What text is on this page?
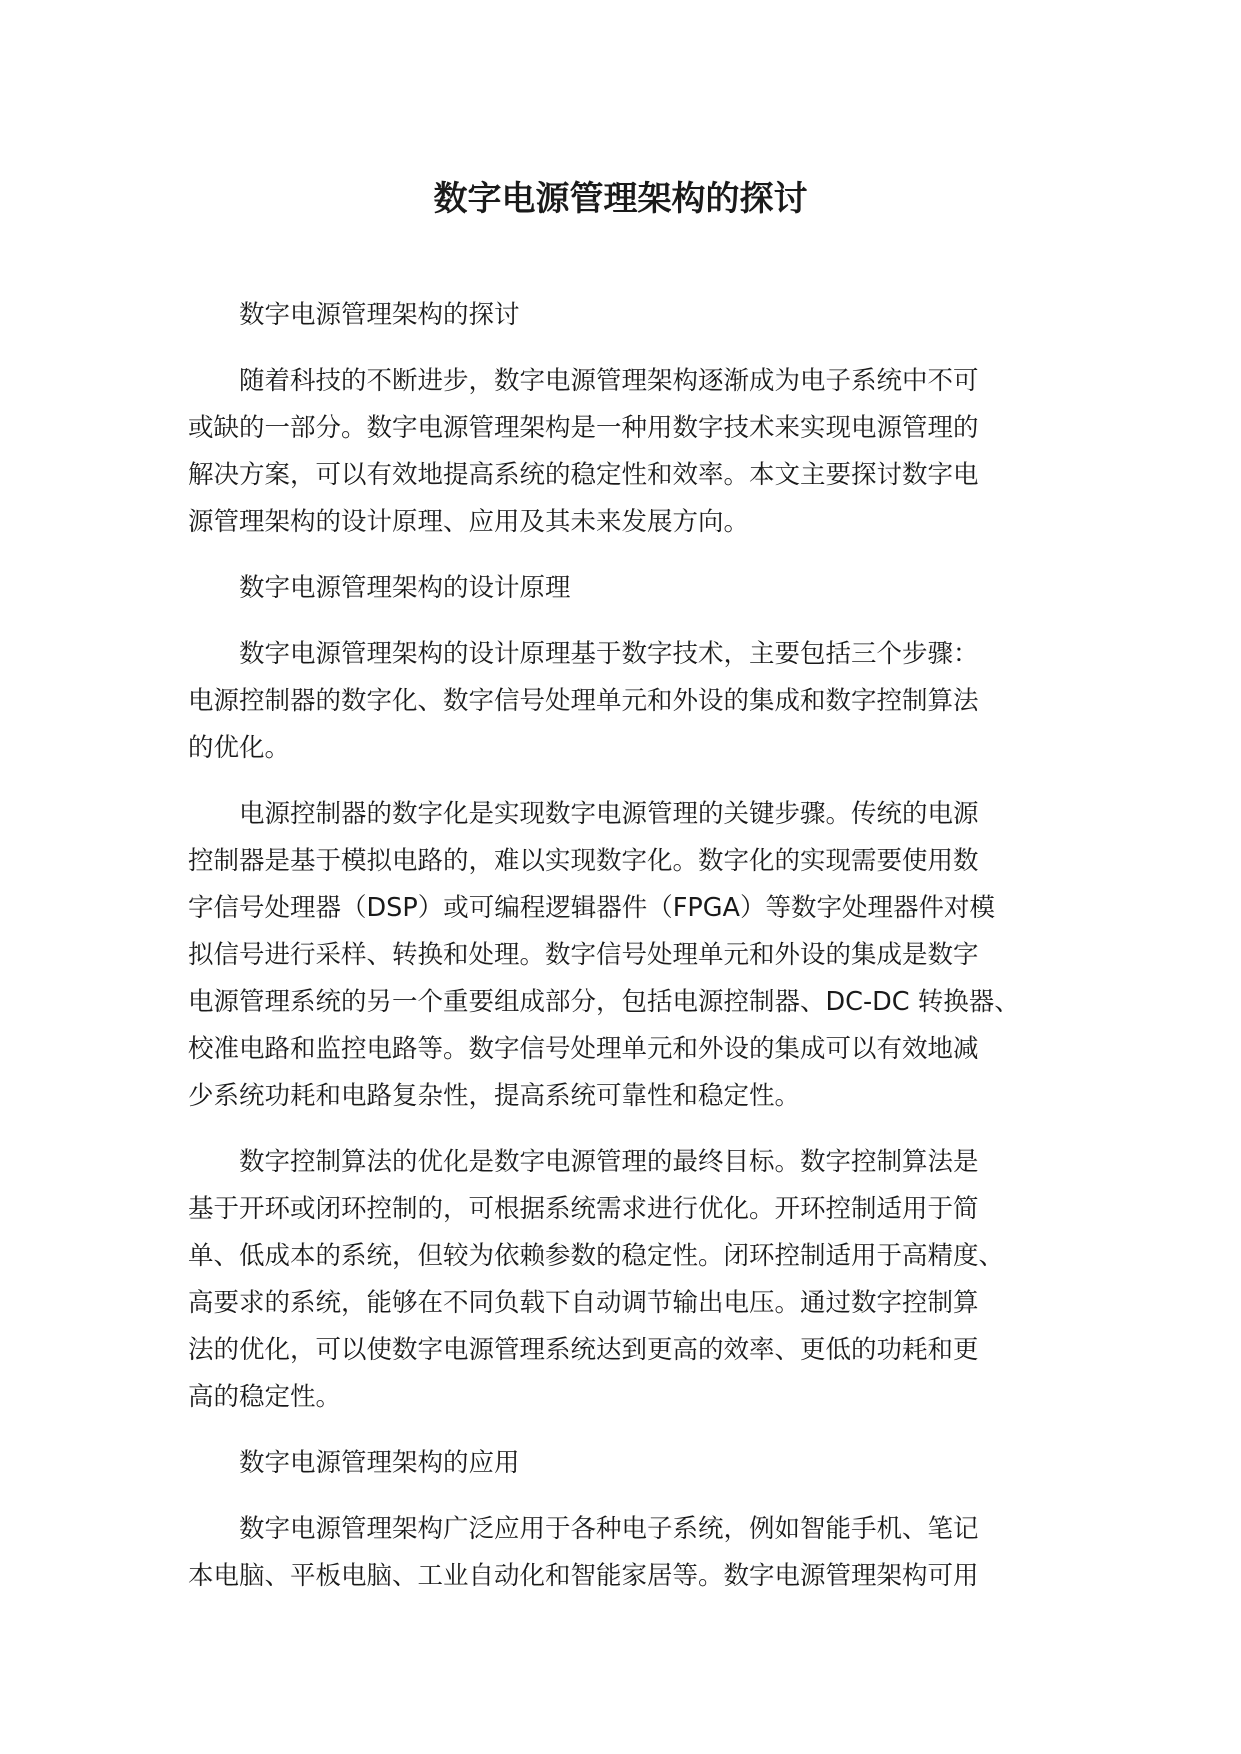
数字电源管理架构的探讨
数字电源管理架构的探讨
随着科技的不断进步，数字电源管理架构逐渐成为电子系统中不可
或缺的一部分。数字电源管理架构是一种用数字技术来实现电源管理的
解决方案，可以有效地提高系统的稳定性和效率。本文主要探讨数字电
源管理架构的设计原理、应用及其未来发展方向。
数字电源管理架构的设计原理
数字电源管理架构的设计原理基于数字技术，主要包括三个步骤：
电源控制器的数字化、数字信号处理单元和外设的集成和数字控制算法
的优化。
电源控制器的数字化是实现数字电源管理的关键步骤。传统的电源
控制器是基于模拟电路的，难以实现数字化。数字化的实现需要使用数
字信号处理器（DSP）或可编程逻辑器件（FPGA）等数字处理器件对模
拟信号进行采样、转换和处理。数字信号处理单元和外设的集成是数字
电源管理系统的另一个重要组成部分，包括电源控制器、DC-DC 转换器、
校准电路和监控电路等。数字信号处理单元和外设的集成可以有效地减
少系统功耗和电路复杂性，提高系统可靠性和稳定性。
数字控制算法的优化是数字电源管理的最终目标。数字控制算法是
基于开环或闭环控制的，可根据系统需求进行优化。开环控制适用于简
单、低成本的系统，但较为依赖参数的稳定性。闭环控制适用于高精度、
高要求的系统，能够在不同负载下自动调节输出电压。通过数字控制算
法的优化，可以使数字电源管理系统达到更高的效率、更低的功耗和更
高的稳定性。
数字电源管理架构的应用
数字电源管理架构广泛应用于各种电子系统，例如智能手机、笔记
本电脑、平板电脑、工业自动化和智能家居等。数字电源管理架构可用
